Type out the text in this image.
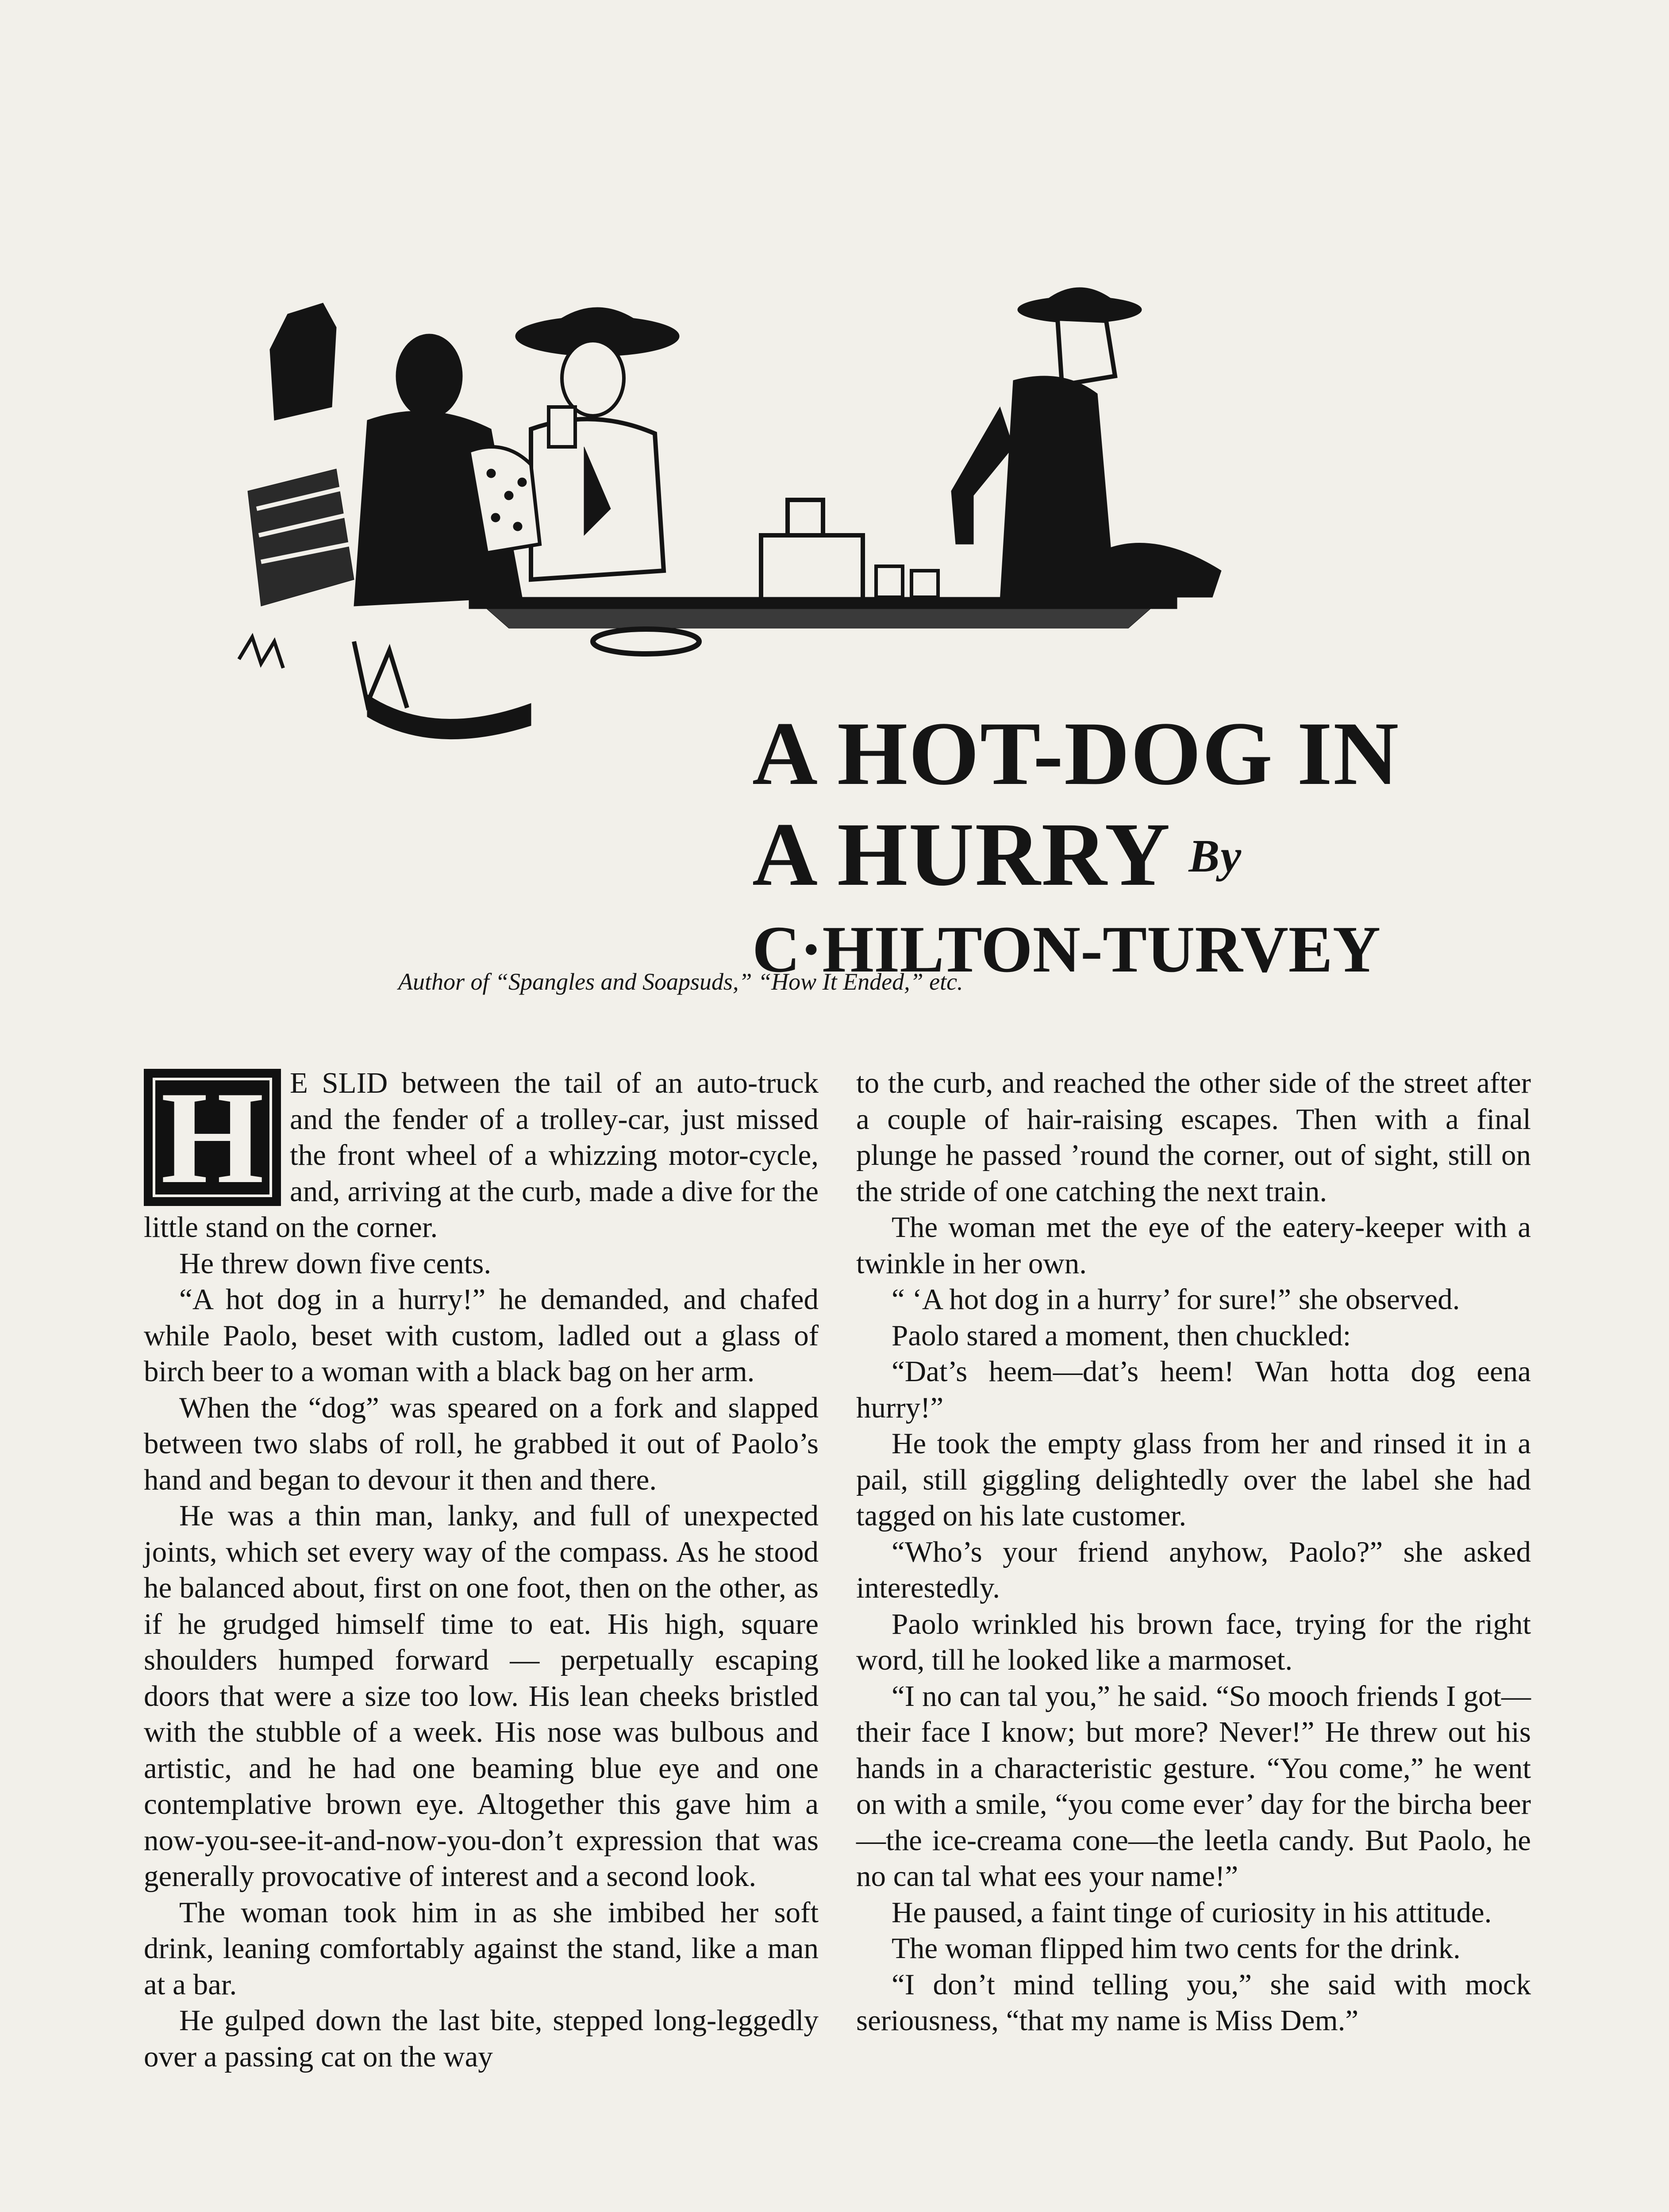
A HOT-DOG IN
A HURRY By
C·HILTON-TURVEY
Author of “Spangles and Soapsuds,” “How It Ended,” etc.

H E SLID between the tail of an auto-truck and the fender of a trolley-car, just missed the front wheel of a whizzing motor-cycle, and, arriving at the curb, made a dive for the little stand on the corner.

He threw down five cents.

“A hot dog in a hurry!” he demanded, and chafed while Paolo, beset with custom, ladled out a glass of birch beer to a woman with a black bag on her arm.

When the “dog” was speared on a fork and slapped between two slabs of roll, he grabbed it out of Paolo’s hand and began to devour it then and there.

He was a thin man, lanky, and full of unexpected joints, which set every way of the compass. As he stood he balanced about, first on one foot, then on the other, as if he grudged himself time to eat. His high, square shoulders humped forward — perpetually escaping doors that were a size too low. His lean cheeks bristled with the stubble of a week. His nose was bulbous and artistic, and he had one beaming blue eye and one contemplative brown eye. Altogether this gave him a now-you-see-it-and-now-you-don’t expression that was generally provocative of interest and a second look.

The woman took him in as she imbibed her soft drink, leaning comfortably against the stand, like a man at a bar.

He gulped down the last bite, stepped long-leggedly over a passing cat on the way

to the curb, and reached the other side of the street after a couple of hair-raising escapes. Then with a final plunge he passed ’round the corner, out of sight, still on the stride of one catching the next train.

The woman met the eye of the eatery-keeper with a twinkle in her own.

“ ‘A hot dog in a hurry’ for sure!” she observed.

Paolo stared a moment, then chuckled:

“Dat’s heem—dat’s heem! Wan hotta dog eena hurry!”

He took the empty glass from her and rinsed it in a pail, still giggling delightedly over the label she had tagged on his late customer.

“Who’s your friend anyhow, Paolo?” she asked interestedly.

Paolo wrinkled his brown face, trying for the right word, till he looked like a marmoset.

“I no can tal you,” he said. “So mooch friends I got—their face I know; but more? Never!” He threw out his hands in a characteristic gesture. “You come,” he went on with a smile, “you come ever’ day for the bircha beer—the ice-creama cone—the leetla candy. But Paolo, he no can tal what ees your name!”

He paused, a faint tinge of curiosity in his attitude.

The woman flipped him two cents for the drink.

“I don’t mind telling you,” she said with mock seriousness, “that my name is Miss Dem.”
